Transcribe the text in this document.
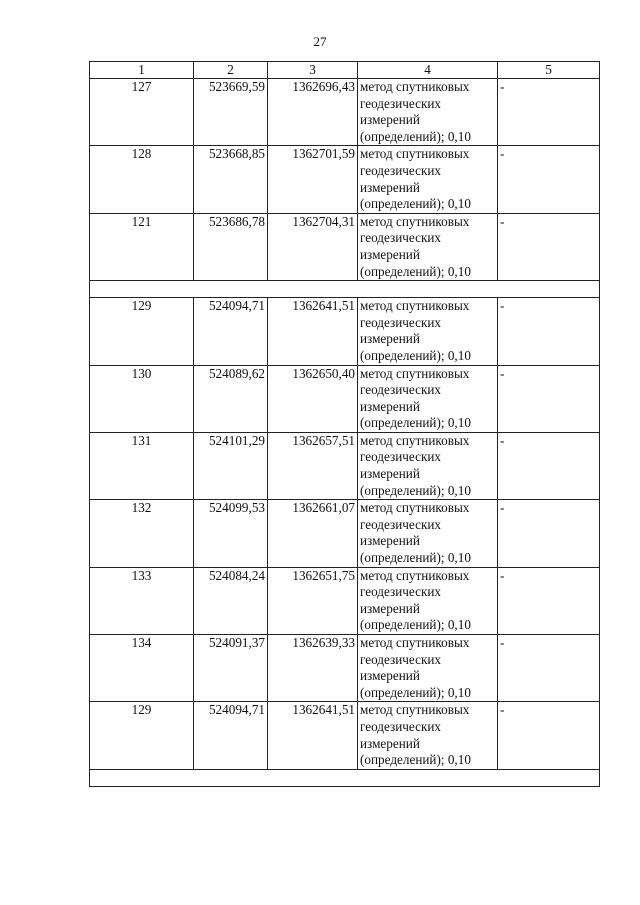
27
1	2	3	4	5
127	523669,59	1362696,43	метод спутниковых
геодезических
измерений
(определений); 0,10	-
128	523668,85	1362701,59	метод спутниковых
геодезических
измерений
(определений); 0,10	-
121	523686,78	1362704,31	метод спутниковых
геодезических
измерений
(определений); 0,10	-

129	524094,71	1362641,51	метод спутниковых
геодезических
измерений
(определений); 0,10	-
130	524089,62	1362650,40	метод спутниковых
геодезических
измерений
(определений); 0,10	-
131	524101,29	1362657,51	метод спутниковых
геодезических
измерений
(определений); 0,10	-
132	524099,53	1362661,07	метод спутниковых
геодезических
измерений
(определений); 0,10	-
133	524084,24	1362651,75	метод спутниковых
геодезических
измерений
(определений); 0,10	-
134	524091,37	1362639,33	метод спутниковых
геодезических
измерений
(определений); 0,10	-
129	524094,71	1362641,51	метод спутниковых
геодезических
измерений
(определений); 0,10	-
